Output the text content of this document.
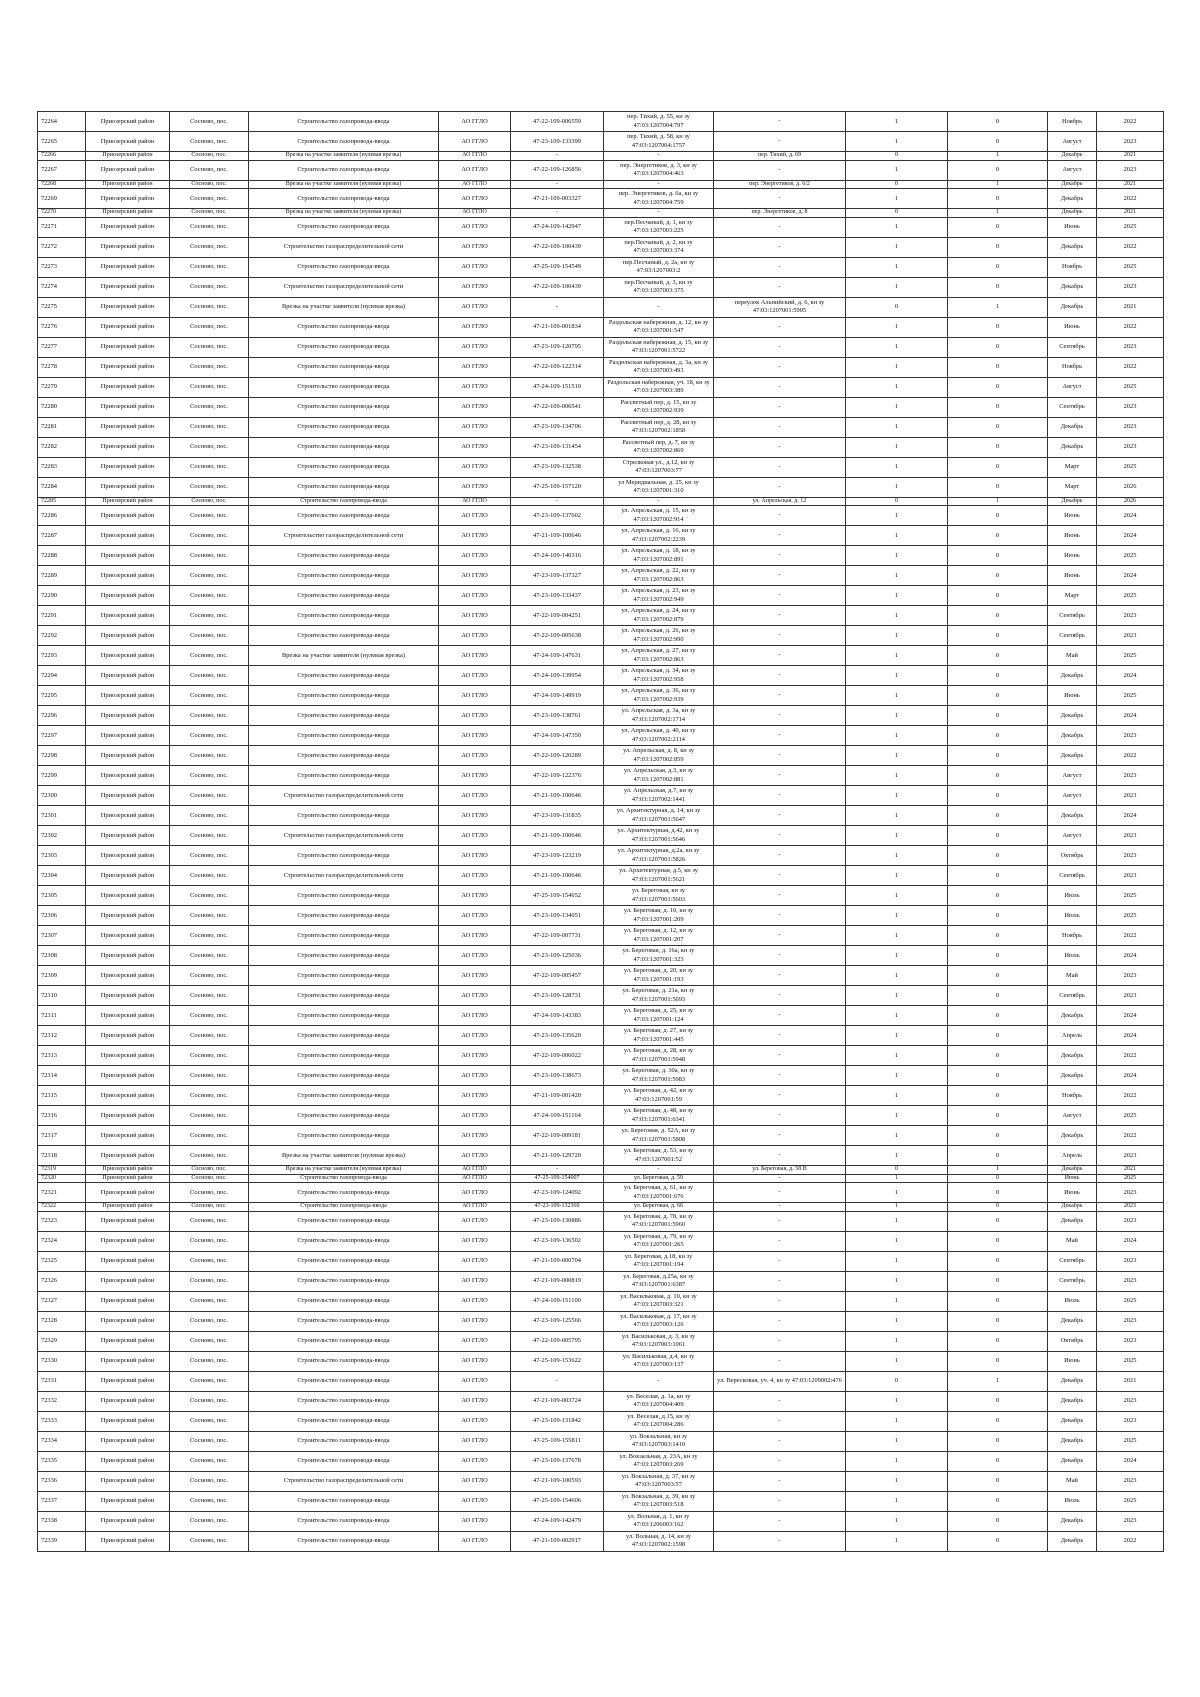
72264	Приозерский район	Сосново, пос.	Строительство газопровода-ввода	АО ГГЛО	47-22-109-006559	пер. Тихий, д. 55, кн зу 47:03:1207004:797	-	1	0	Ноябрь	2022
72265	Приозерский район	Сосново, пос.	Строительство газопровода-ввода	АО ГГЛО	47-23-109-133399	пер. Тихий, д. 58, кн зу 47:03:1207004:1757	-	1	0	Август	2023
72266	Приозерский район	Сосново, пос.	Врезка на участке заявителя (нулевая врезка)	АО ГГЛО	-	-	пер. Тихий, д. 69	0	1	Декабрь	2021
72267	Приозерский район	Сосново, пос.	Строительство газопровода-ввода	АО ГГЛО	47-22-109-126856	пер. Энергетиков, д. 3, кн зу 47:03:1207004:463	-	1	0	Август	2023
72268	Приозерский район	Сосново, пос.	Врезка на участке заявителя (нулевая врезка)	АО ГГЛО	-	-	пер. Энергетиков, д. 6/2	0	1	Декабрь	2021
72269	Приозерский район	Сосново, пос.	Строительство газопровода-ввода	АО ГГЛО	47-21-109-003327	пер. Энергетиков, д. 6а, кн зу 47:03:1207004:759	-	1	0	Декабрь	2022
72270	Приозерский район	Сосново, пос.	Врезка на участке заявителя (нулевая врезка)	АО ГГЛО	-	-	пер. Энергетиков, д. 8	0	1	Декабрь	2021
72271	Приозерский район	Сосново, пос.	Строительство газопровода-ввода	АО ГГЛО	47-24-109-142947	пер.Песчаный, д. 1, кн зу 47:03:1207003:225	-	1	0	Июнь	2025
72272	Приозерский район	Сосново, пос.	Строительство газораспределительной сети	АО ГГЛО	47-22-109-100439	пер.Песчаный, д. 2, кн зу 47:03:1207003:374	-	1	0	Декабрь	2022
72273	Приозерский район	Сосново, пос.	Строительство газопровода-ввода	АО ГГЛО	47-25-109-154549	пер.Песчаный, д. 2а, кн зу 47:03:1207003:2	-	1	0	Ноябрь	2025
72274	Приозерский район	Сосново, пос.	Строительство газораспределительной сети	АО ГГЛО	47-22-109-100439	пер.Песчаный, д. 3, кн зу 47:03:1207003:375	-	1	0	Декабрь	2023
72275	Приозерский район	Сосново, пос.	Врезка на участке заявителя (нулевая врезка)	АО ГГЛО	-	-	переулок Альпийский, д. 6, кн зу 47:03:1207001:5905	0	1	Декабрь	2021
72276	Приозерский район	Сосново, пос.	Строительство газопровода-ввода	АО ГГЛО	47-21-109-001834	Раздольская набережная, д. 12, кн зу 47:03:1207001:547	-	1	0	Июнь	2022
72277	Приозерский район	Сосново, пос.	Строительство газопровода-ввода	АО ГГЛО	47-23-109-120795	Раздольская набережная, д. 15, кн зу 47:03:1207001:5722	-	1	0	Сентябрь	2023
72278	Приозерский район	Сосново, пос.	Строительство газопровода-ввода	АО ГГЛО	47-22-109-122314	Раздольская набережная, д. 3а, кн зу 47:03:1207003:493	-	1	0	Ноябрь	2022
72279	Приозерский район	Сосново, пос.	Строительство газопровода-ввода	АО ГГЛО	47-24-109-151510	Раздольская набережная, уч. 18, кн зу 47:03:1207003:389	-	1	0	Август	2025
72280	Приозерский район	Сосново, пос.	Строительство газопровода-ввода	АО ГГЛО	47-22-109-006541	Рассветный пер, д. 15, кн зу 47:03:1207002:939	-	1	0	Сентябрь	2023
72281	Приозерский район	Сосново, пос.	Строительство газопровода-ввода	АО ГГЛО	47-23-109-134706	Рассветный пер, д. 28, кн зу 47:03:1207002:1858	-	1	0	Декабрь	2023
72282	Приозерский район	Сосново, пос.	Строительство газопровода-ввода	АО ГГЛО	47-23-109-131454	Рассветный пер, д. 7, кн зу 47:03:1207002:869	-	1	0	Декабрь	2023
72283	Приозерский район	Сосново, пос.	Строительство газопровода-ввода	АО ГГЛО	47-23-109-132538	Стрелковая ул., д.12, кн зу 47:03:1207003:77	-	1	0	Март	2025
72284	Приозерский район	Сосново, пос.	Строительство газопровода-ввода	АО ГГЛО	47-25-109-157120	ул Меридиальная, д. 25, кн зу 47:03:1207001:310	-	1	0	Март	2026
72285	Приозерский район	Сосново, пос.	Строительство газопровода-ввода	АО ГГЛО	-	-	ул. Апрельская, д. 12	0	1	Декабрь	2026
72286	Приозерский район	Сосново, пос.	Строительство газопровода-ввода	АО ГГЛО	47-23-109-137602	ул. Апрельская, д. 15, кн зу 47:03:1207002:914	-	1	0	Июнь	2024
72287	Приозерский район	Сосново, пос.	Строительство газораспределительной сети	АО ГГЛО	47-21-109-100646	ул. Апрельская, д. 16, кн зу 47:03:1207002:2239	-	1	0	Июнь	2024
72288	Приозерский район	Сосново, пос.	Строительство газопровода-ввода	АО ГГЛО	47-24-109-140316	ул. Апрельская, д. 18, кн зу 47:03:1207002:891	-	1	0	Июнь	2025
72289	Приозерский район	Сосново, пос.	Строительство газопровода-ввода	АО ГГЛО	47-23-109-137327	ул. Апрельская, д. 22, кн зу 47:03:1207002:863	-	1	0	Июнь	2024
72290	Приозерский район	Сосново, пос.	Строительство газопровода-ввода	АО ГГЛО	47-23-109-133437	ул. Апрельская, д. 23, кн зу 47:03:1207002:949	-	1	0	Март	2025
72291	Приозерский район	Сосново, пос.	Строительство газопровода-ввода	АО ГГЛО	47-22-109-004251	ул. Апрельская, д. 24, кн зу 47:03:1207002:879	-	1	0	Сентябрь	2023
72292	Приозерский район	Сосново, пос.	Строительство газопровода-ввода	АО ГГЛО	47-22-109-005638	ул. Апрельская, д. 26, кн зу 47:03:1207002:990	-	1	0	Сентябрь	2023
72293	Приозерский район	Сосново, пос.	Врезка на участке заявителя (нулевая врезка)	АО ГГЛО	47-24-109-147631	ул. Апрельская, д. 27, кн зу 47:03:1207002:863	-	1	0	Май	2025
72294	Приозерский район	Сосново, пос.	Строительство газопровода-ввода	АО ГГЛО	47-24-109-139954	ул. Апрельская, д. 34, кн зу 47:03:1207002:958	-	1	0	Декабрь	2024
72295	Приозерский район	Сосново, пос.	Строительство газопровода-ввода	АО ГГЛО	47-24-109-149919	ул. Апрельская, д. 36, кн зу 47:03:1207002:939	-	1	0	Июнь	2025
72296	Приозерский район	Сосново, пос.	Строительство газопровода-ввода	АО ГГЛО	47-23-109-138761	ул. Апрельская, д. 3а, кн зу 47:03:1207002:1714	-	1	0	Декабрь	2024
72297	Приозерский район	Сосново, пос.	Строительство газопровода-ввода	АО ГГЛО	47-24-109-147350	ул. Апрельская, д. 40, кн зу 47:03:1207002:2114	-	1	0	Декабрь	2023
72298	Приозерский район	Сосново, пос.	Строительство газопровода-ввода	АО ГГЛО	47-22-109-120289	ул. Апрельская, д. 8, кн зу 47:03:1207002:859	-	1	0	Декабрь	2022
72299	Приозерский район	Сосново, пос.	Строительство газопровода-ввода	АО ГГЛО	47-22-109-122376	ул. Апрельская, д.3, кн зу 47:03:1207002:881	-	1	0	Август	2023
72300	Приозерский район	Сосново, пос.	Строительство газораспределительной сети	АО ГГЛО	47-21-109-100646	ул. Апрельская, д.7, кн зу 47:03:1207002:1441	-	1	0	Август	2023
72301	Приозерский район	Сосново, пос.	Строительство газопровода-ввода	АО ГГЛО	47-23-109-131835	ул. Архитектурная, д. 14, кн зу 47:03:1207001:5647	-	1	0	Декабрь	2024
72302	Приозерский район	Сосново, пос.	Строительство газораспределительной сети	АО ГГЛО	47-21-109-100646	ул. Архитектурная, д.42, кн зу 47:03:1207001:5646	-	1	0	Август	2023
72303	Приозерский район	Сосново, пос.	Строительство газопровода-ввода	АО ГГЛО	47-23-109-123219	ул. Архитектурная, д.2а, кн зу 47:03:1207001:5826	-	1	0	Октябрь	2023
72304	Приозерский район	Сосново, пос.	Строительство газораспределительной сети	АО ГГЛО	47-21-109-100646	ул. Архитектурная, д.5, кн зу 47:03:1207001:5621	-	1	0	Сентябрь	2023
72305	Приозерский район	Сосново, пос.	Строительство газопровода-ввода	АО ГГЛО	47-25-109-154652	ул. Береговая, кн зу 47:03:1207001:5603	-	1	0	Июль	2025
72306	Приозерский район	Сосново, пос.	Строительство газопровода-ввода	АО ГГЛО	47-23-109-134051	ул. Береговая, д. 10, кн зу 47:03:1207001:209	-	1	0	Июль	2025
72307	Приозерский район	Сосново, пос.	Строительство газопровода-ввода	АО ГГЛО	47-22-109-007731	ул. Береговая, д. 12, кн зу 47:03:1207001:207	-	1	0	Ноябрь	2022
72308	Приозерский район	Сосново, пос.	Строительство газопровода-ввода	АО ГГЛО	47-23-109-125036	ул. Береговая, д. 16а, кн зу 47:03:1207001:323	-	1	0	Июль	2024
72309	Приозерский район	Сосново, пос.	Строительство газопровода-ввода	АО ГГЛО	47-22-109-005457	ул. Береговая, д. 20, кн зу 47:03:1207001:193	-	1	0	Май	2023
72310	Приозерский район	Сосново, пос.	Строительство газопровода-ввода	АО ГГЛО	47-23-109-128731	ул. Береговая, д. 21а, кн зу 47:03:1207001:5693	-	1	0	Сентябрь	2023
72311	Приозерский район	Сосново, пос.	Строительство газопровода-ввода	АО ГГЛО	47-24-109-143383	ул. Береговая, д. 25, кн зу 47:03:1207001:124	-	1	0	Декабрь	2024
72312	Приозерский район	Сосново, пос.	Строительство газопровода-ввода	АО ГГЛО	47-23-109-135620	ул. Береговая, д. 27, кн зу 47:03:1207001:445	-	1	0	Апрель	2024
72313	Приозерский район	Сосново, пос.	Строительство газопровода-ввода	АО ГГЛО	47-22-109-006022	ул. Береговая, д. 28, кн зу 47:03:1207001:5948	-	1	0	Декабрь	2022
72314	Приозерский район	Сосново, пос.	Строительство газопровода-ввода	АО ГГЛО	47-23-109-138673	ул. Береговая, д. 30а, кн зу 47:03:1207001:5983	-	1	0	Декабрь	2024
72315	Приозерский район	Сосново, пос.	Строительство газопровода-ввода	АО ГГЛО	47-21-109-001420	ул. Береговая, д. 42, кн зу 47:03:1207001:59	-	1	0	Ноябрь	2022
72316	Приозерский район	Сосново, пос.	Строительство газопровода-ввода	АО ГГЛО	47-24-109-151164	ул. Береговая, д. 48, кн зу 47:03:1207001:6341	-	1	0	Август	2025
72317	Приозерский район	Сосново, пос.	Строительство газопровода-ввода	АО ГГЛО	47-22-109-009181	ул. Береговая, д. 52А, кн зу 47:03:1207001:5808	-	1	0	Декабрь	2022
72318	Приозерский район	Сосново, пос.	Врезка на участке заявителя (нулевая врезка)	АО ГГЛО	47-21-109-129720	ул. Береговая, д. 53, кн зу 47:03:1207001:52	-	1	0	Апрель	2023
72319	Приозерский район	Сосново, пос.	Врезка на участке заявителя (нулевая врезка)	АО ГГЛО	-	-	ул. Береговая, д. 58 В	0	1	Декабрь	2021
72320	Приозерский район	Сосново, пос.	Строительство газопровода-ввода	АО ГГЛО	47-25-109-154007	ул. Береговая, д. 59	-	1	0	Июнь	2025
72321	Приозерский район	Сосново, пос.	Строительство газопровода-ввода	АО ГГЛО	47-23-109-124092	ул. Береговая, д. 61, кн зу 47:03:1207001:676	-	1	0	Июнь	2023
72322	Приозерский район	Сосново, пос.	Строительство газопровода-ввода	АО ГГЛО	47-23-109-132369	ул. Береговая, д. 66	-	1	0	Декабрь	2023
72323	Приозерский район	Сосново, пос.	Строительство газопровода-ввода	АО ГГЛО	47-23-109-130886	ул. Береговая, д. 78, кн зу 47:03:1207001:5960	-	1	0	Декабрь	2023
72324	Приозерский район	Сосново, пос.	Строительство газопровода-ввода	АО ГГЛО	47-23-109-136502	ул. Береговая, д. 79, кн зу 47:03:1207001:265	-	1	0	Май	2024
72325	Приозерский район	Сосново, пос.	Строительство газопровода-ввода	АО ГГЛО	47-21-109-000704	ул. Береговая, д.18, кн зу 47:03:1207001:194	-	1	0	Сентябрь	2023
72326	Приозерский район	Сосново, пос.	Строительство газопровода-ввода	АО ГГЛО	47-21-109-000819	ул. Береговая, д.25а, кн зу 47:03:1207001:6387	-	1	0	Сентябрь	2023
72327	Приозерский район	Сосново, пос.	Строительство газопровода-ввода	АО ГГЛО	47-24-109-151100	ул. Васильковая, д. 10, кн зу 47:03:1207003:321	-	1	0	Июль	2025
72328	Приозерский район	Сосново, пос.	Строительство газопровода-ввода	АО ГГЛО	47-23-109-125566	ул. Васильковая, д. 17, кн зу 47:03:1207003:126	-	1	0	Декабрь	2023
72329	Приозерский район	Сосново, пос.	Строительство газопровода-ввода	АО ГГЛО	47-22-109-005795	ул. Васильковая, д. 3, кн зу 47:03:1207003:1061	-	1	0	Октябрь	2023
72330	Приозерский район	Сосново, пос.	Строительство газопровода-ввода	АО ГГЛО	47-25-109-153622	ул. Васильковая, д.4, кн зу 47:03:1207003:137	-	1	0	Июнь	2025
72331	Приозерский район	Сосново, пос.	Строительство газопровода-ввода	АО ГГЛО	-	-	ул. Вересковая, уч. 4, кн зу 47:03:1209002:476	0	1	Декабрь	2021
72332	Приозерский район	Сосново, пос.	Строительство газопровода-ввода	АО ГГЛО	47-21-109-003724	ул. Веселая, д. 1а, кн зу 47:03:1207004:409	-	1	0	Декабрь	2023
72333	Приозерский район	Сосново, пос.	Строительство газопровода-ввода	АО ГГЛО	47-23-109-131842	ул. Веселая, д.15, кн зу 47:03:1207004:286	-	1	0	Декабрь	2023
72334	Приозерский район	Сосново, пос.	Строительство газопровода-ввода	АО ГГЛО	47-25-109-155811	ул. Вокзальная, кн зу 47:03:1207003:1410	-	1	0	Декабрь	2025
72335	Приозерский район	Сосново, пос.	Строительство газопровода-ввода	АО ГГЛО	47-23-109-137678	ул. Вокзальная, д. 23А, кн зу 47:03:1207003:269	-	1	0	Декабрь	2024
72336	Приозерский район	Сосново, пос.	Строительство газораспределительной сети	АО ГГЛО	47-21-109-100593	ул. Вокзальная, д. 37, кн зу 47:03:1207003:57	-	1	0	Май	2023
72337	Приозерский район	Сосново, пос.	Строительство газопровода-ввода	АО ГГЛО	47-25-109-154606	ул. Вокзальная, д. 39, кн зу 47:03:1207003:518	-	1	0	Июль	2025
72338	Приозерский район	Сосново, пос.	Строительство газопровода-ввода	АО ГГЛО	47-24-109-142479	ул. Вольная, д. 1, кн зу 47:03:1206003:162	-	1	0	Декабрь	2023
72339	Приозерский район	Сосново, пос.	Строительство газопровода-ввода	АО ГГЛО	47-21-109-002917	ул. Вольная, д. 14, кн зу 47:03:1207002:1598	-	1	0	Декабрь	2022
